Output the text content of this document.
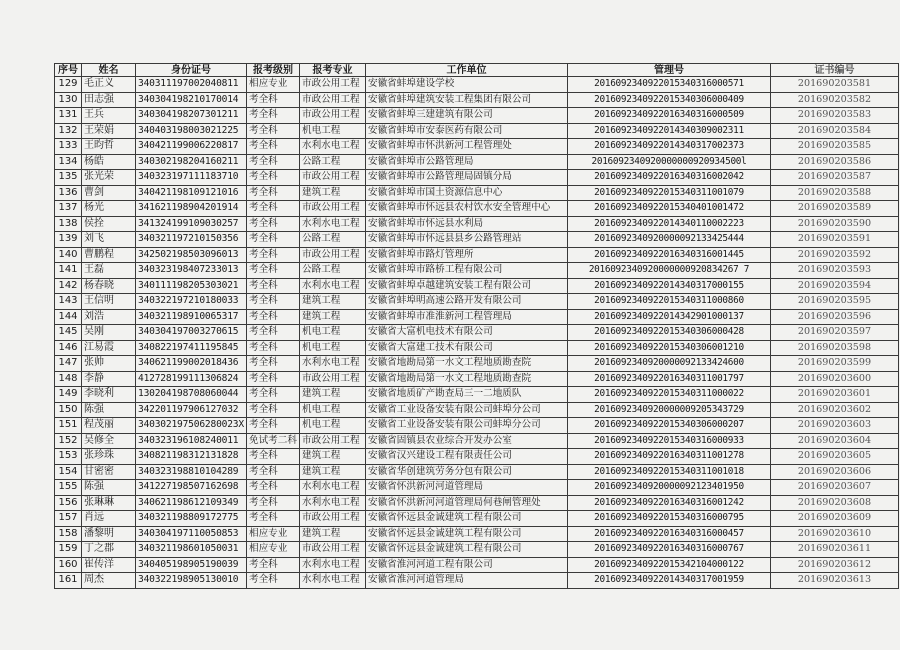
序号	姓名	身份证号	报考级别	报考专业	工作单位	管理号	证书编号
129	毛正义	340311197002040811	相应专业	市政公用工程	安徽省蚌埠建设学校	2016092340922015340316000571	201690203581
130	田志强	340304198210170014	考全科	市政公用工程	安徽省蚌埠建筑安装工程集团有限公司	2016092340922015340306000409	201690203582
131	王兵	340304198207301211	考全科	市政公用工程	安徽省蚌埠三建建筑有限公司	2016092340922016340316000509	201690203583
132	王荣娟	340403198003021225	考全科	机电工程	安徽省蚌埠市安泰医药有限公司	2016092340922014340309002311	201690203584
133	王昀哲	340421199006220817	考全科	水利水电工程	安徽省蚌埠市怀洪新河工程管理处	2016092340922014340317002373	201690203585
134	杨皓	340302198204160211	考全科	公路工程	安徽省蚌埠市公路管理局	2016092340920000000920934500l	201690203586
135	张光荣	340323197111183710	考全科	市政公用工程	安徽省蚌埠市公路管理局固镇分局	2016092340922016340316002042	201690203587
136	曹剑	340421198109121016	考全科	建筑工程	安徽省蚌埠市国土资源信息中心	2016092340922015340311001079	201690203588
137	杨光	341621198904201914	考全科	市政公用工程	安徽省蚌埠市怀远县农村饮水安全管理中心	2016092340922015340401001472	201690203589
138	侯拴	341324199109030257	考全科	水利水电工程	安徽省蚌埠市怀远县水利局	2016092340922014340110002223	201690203590
139	刘飞	340321197210150356	考全科	公路工程	安徽省蚌埠市怀远县县乡公路管理站	2016092340920000092133425444	201690203591
140	曹鹏程	342502198503096013	考全科	市政公用工程	安徽省蚌埠市路灯管理所	2016092340922016340316001445	201690203592
141	王磊	340323198407233013	考全科	公路工程	安徽省蚌埠市路桥工程有限公司	2016092340920000000920834267 7	201690203593
142	杨春晓	340111198205303021	考全科	水利水电工程	安徽省蚌埠卓越建筑安装工程有限公司	2016092340922014340317000155	201690203594
143	王信明	340322197210180033	考全科	建筑工程	安徽省蚌埠明高速公路开发有限公司	2016092340922015340311000860	201690203595
144	刘浩	340321198910065317	考全科	建筑工程	安徽省蚌埠市准淮新河工程管理局	2016092340922014342901000137	201690203596
145	吴刚	340304197003270615	考全科	机电工程	安徽省大富机电技术有限公司	2016092340922015340306000428	201690203597
146	江易霞	340822197411195845	考全科	机电工程	安徽省大富建工技术有限公司	2016092340922015340306001210	201690203598
147	张帅	340621199002018436	考全科	水利水电工程	安徽省地勘局第一水文工程地质勘查院	2016092340920000092133424600	201690203599
148	李静	412728199111306824	考全科	市政公用工程	安徽省地勘局第一水文工程地质勘查院	2016092340922016340311001797	201690203600
149	李晓利	130204198708060044	考全科	建筑工程	安徽省地质矿产勘查局三一二地质队	2016092340922015340311000022	201690203601
150	陈强	342201197906127032	考全科	机电工程	安徽省工业设备安装有限公司蚌埠分公司	2016092340920000009205343729	201690203602
151	程茂丽	340302197506280023X	考全科	机电工程	安徽省工业设备安装有限公司蚌埠分公司	2016092340922015340306000207	201690203603
152	吴修全	340323196108240011	免试考二科	市政公用工程	安徽省固镇县农业综合开发办公室	2016092340922015340316000933	201690203604
153	张珍珠	340821198312131828	考全科	建筑工程	安徽省汉兴建设工程有限责任公司	2016092340922016340311001278	201690203605
154	甘密密	340323198810104289	考全科	建筑工程	安徽省华创建筑劳务分包有限公司	2016092340922015340311001018	201690203606
155	陈强	341227198507162698	考全科	水利水电工程	安徽省怀洪新河河道管理局	2016092340920000092123401950	201690203607
156	张琳琳	340621198612109349	考全科	水利水电工程	安徽省怀洪新河河道管理局何巷闸管理处	2016092340922016340316001242	201690203608
157	肖远	340321198809172775	考全科	市政公用工程	安徽省怀远县金诚建筑工程有限公司	2016092340922015340316000795	201690203609
158	潘黎明	340304197110050853	相应专业	建筑工程	安徽省怀远县金诚建筑工程有限公司	2016092340922016340316000457	201690203610
159	丁之郡	340321198601050031	相应专业	市政公用工程	安徽省怀远县金诚建筑工程有限公司	2016092340922016340316000767	201690203611
160	崔传洋	340405198905190039	考全科	水利水电工程	安徽省淮河河道工程有限公司	2016092340922015342104000122	201690203612
161	周杰	340322198905130010	考全科	水利水电工程	安徽省淮河河道管理局	2016092340922014340317001959	201690203613
